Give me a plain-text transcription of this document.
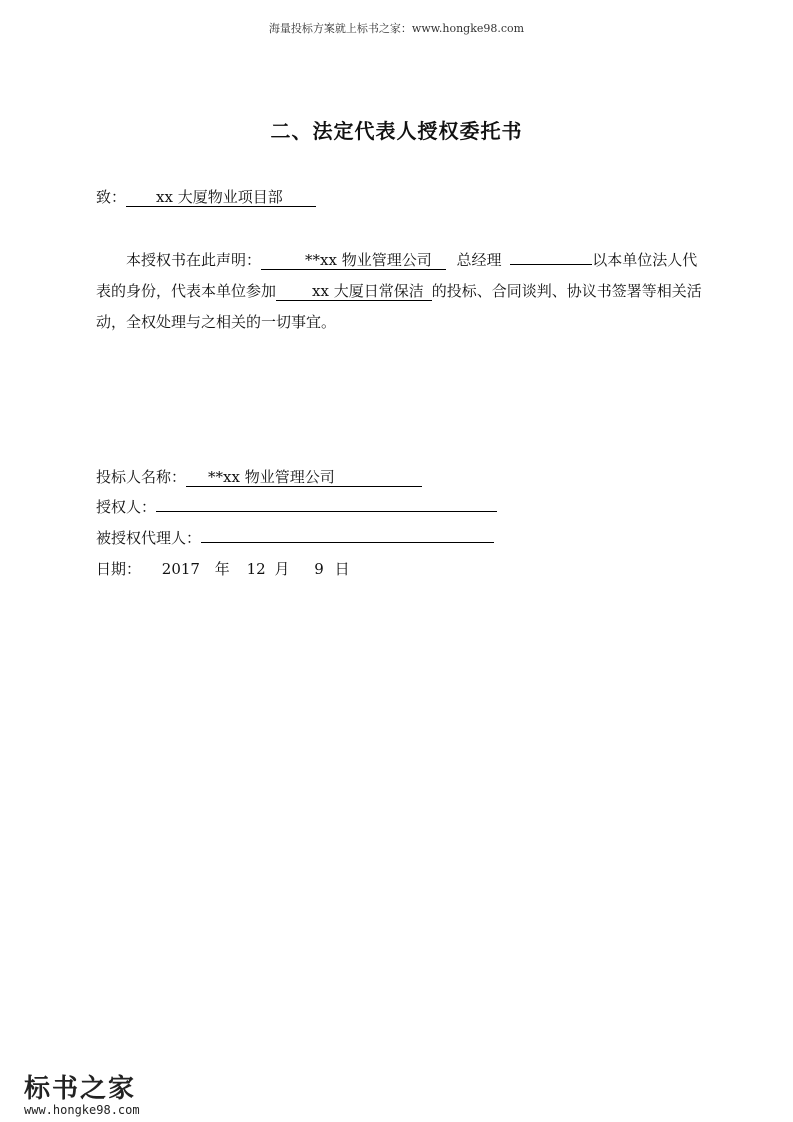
海量投标方案就上标书之家：www.hongke98.com
二、法定代表人授权委托书
致： xx 大厦物业项目部
本授权书在此声明：	**xx 物业管理公司 总经理	以本单位法人代表的身份，代表本单位参加 xx 大厦日常保洁 的投标、合同谈判、协议书签署等相关活动，全权处理与之相关的一切事宜。
投标人名称： **xx 物业管理公司
授权人：
被授权代理人：
日期： 2017 年 12 月 9 日
标书之家
www.hongke98.com
